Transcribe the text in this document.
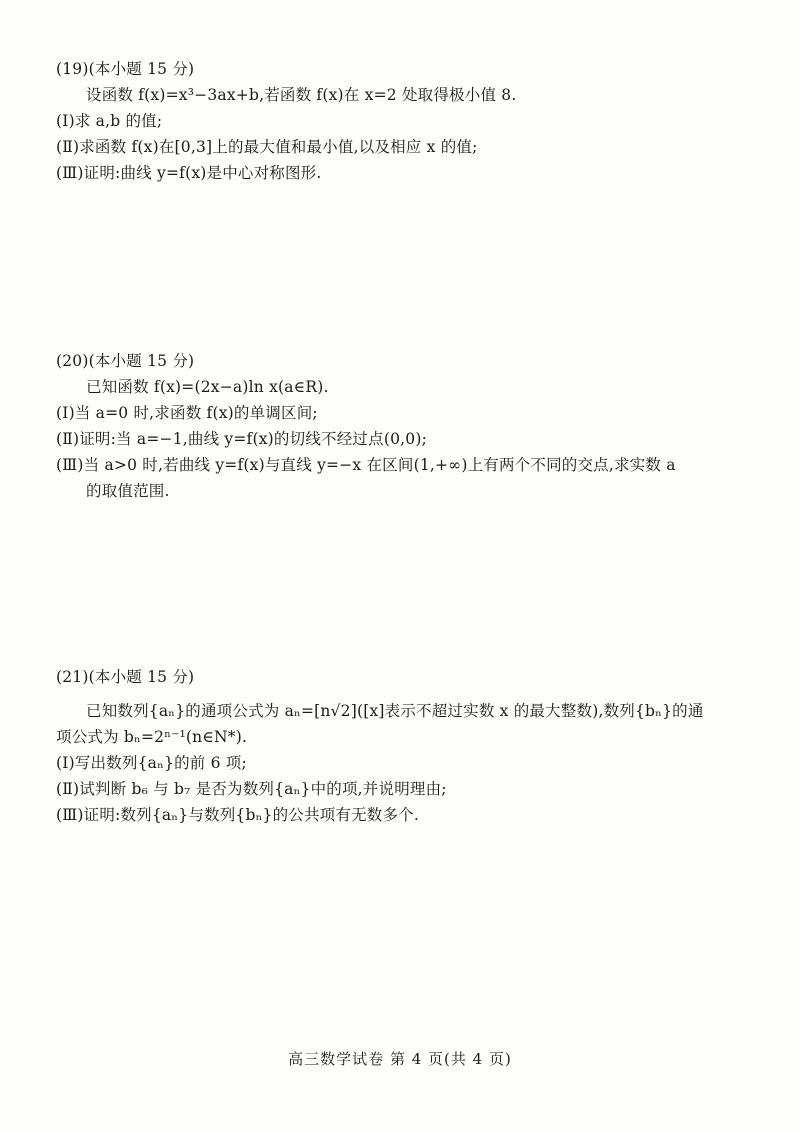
(19)(本小题 15 分)
设函数 f(x)=x³−3ax+b,若函数 f(x)在 x=2 处取得极小值 8.
(Ⅰ)求 a,b 的值;
(Ⅱ)求函数 f(x)在[0,3]上的最大值和最小值,以及相应 x 的值;
(Ⅲ)证明:曲线 y=f(x)是中心对称图形.
(20)(本小题 15 分)
已知函数 f(x)=(2x−a)ln x(a∈R).
(Ⅰ)当 a=0 时,求函数 f(x)的单调区间;
(Ⅱ)证明:当 a=−1,曲线 y=f(x)的切线不经过点(0,0);
(Ⅲ)当 a>0 时,若曲线 y=f(x)与直线 y=−x 在区间(1,+∞)上有两个不同的交点,求实数 a
的取值范围.
(21)(本小题 15 分)
已知数列{aₙ}的通项公式为 aₙ=[n√2]([x]表示不超过实数 x 的最大整数),数列{bₙ}的通
项公式为 bₙ=2ⁿ⁻¹(n∈N*).
(Ⅰ)写出数列{aₙ}的前 6 项;
(Ⅱ)试判断 b₆ 与 b₇ 是否为数列{aₙ}中的项,并说明理由;
(Ⅲ)证明:数列{aₙ}与数列{bₙ}的公共项有无数多个.
高三数学试卷 第 4 页(共 4 页)
